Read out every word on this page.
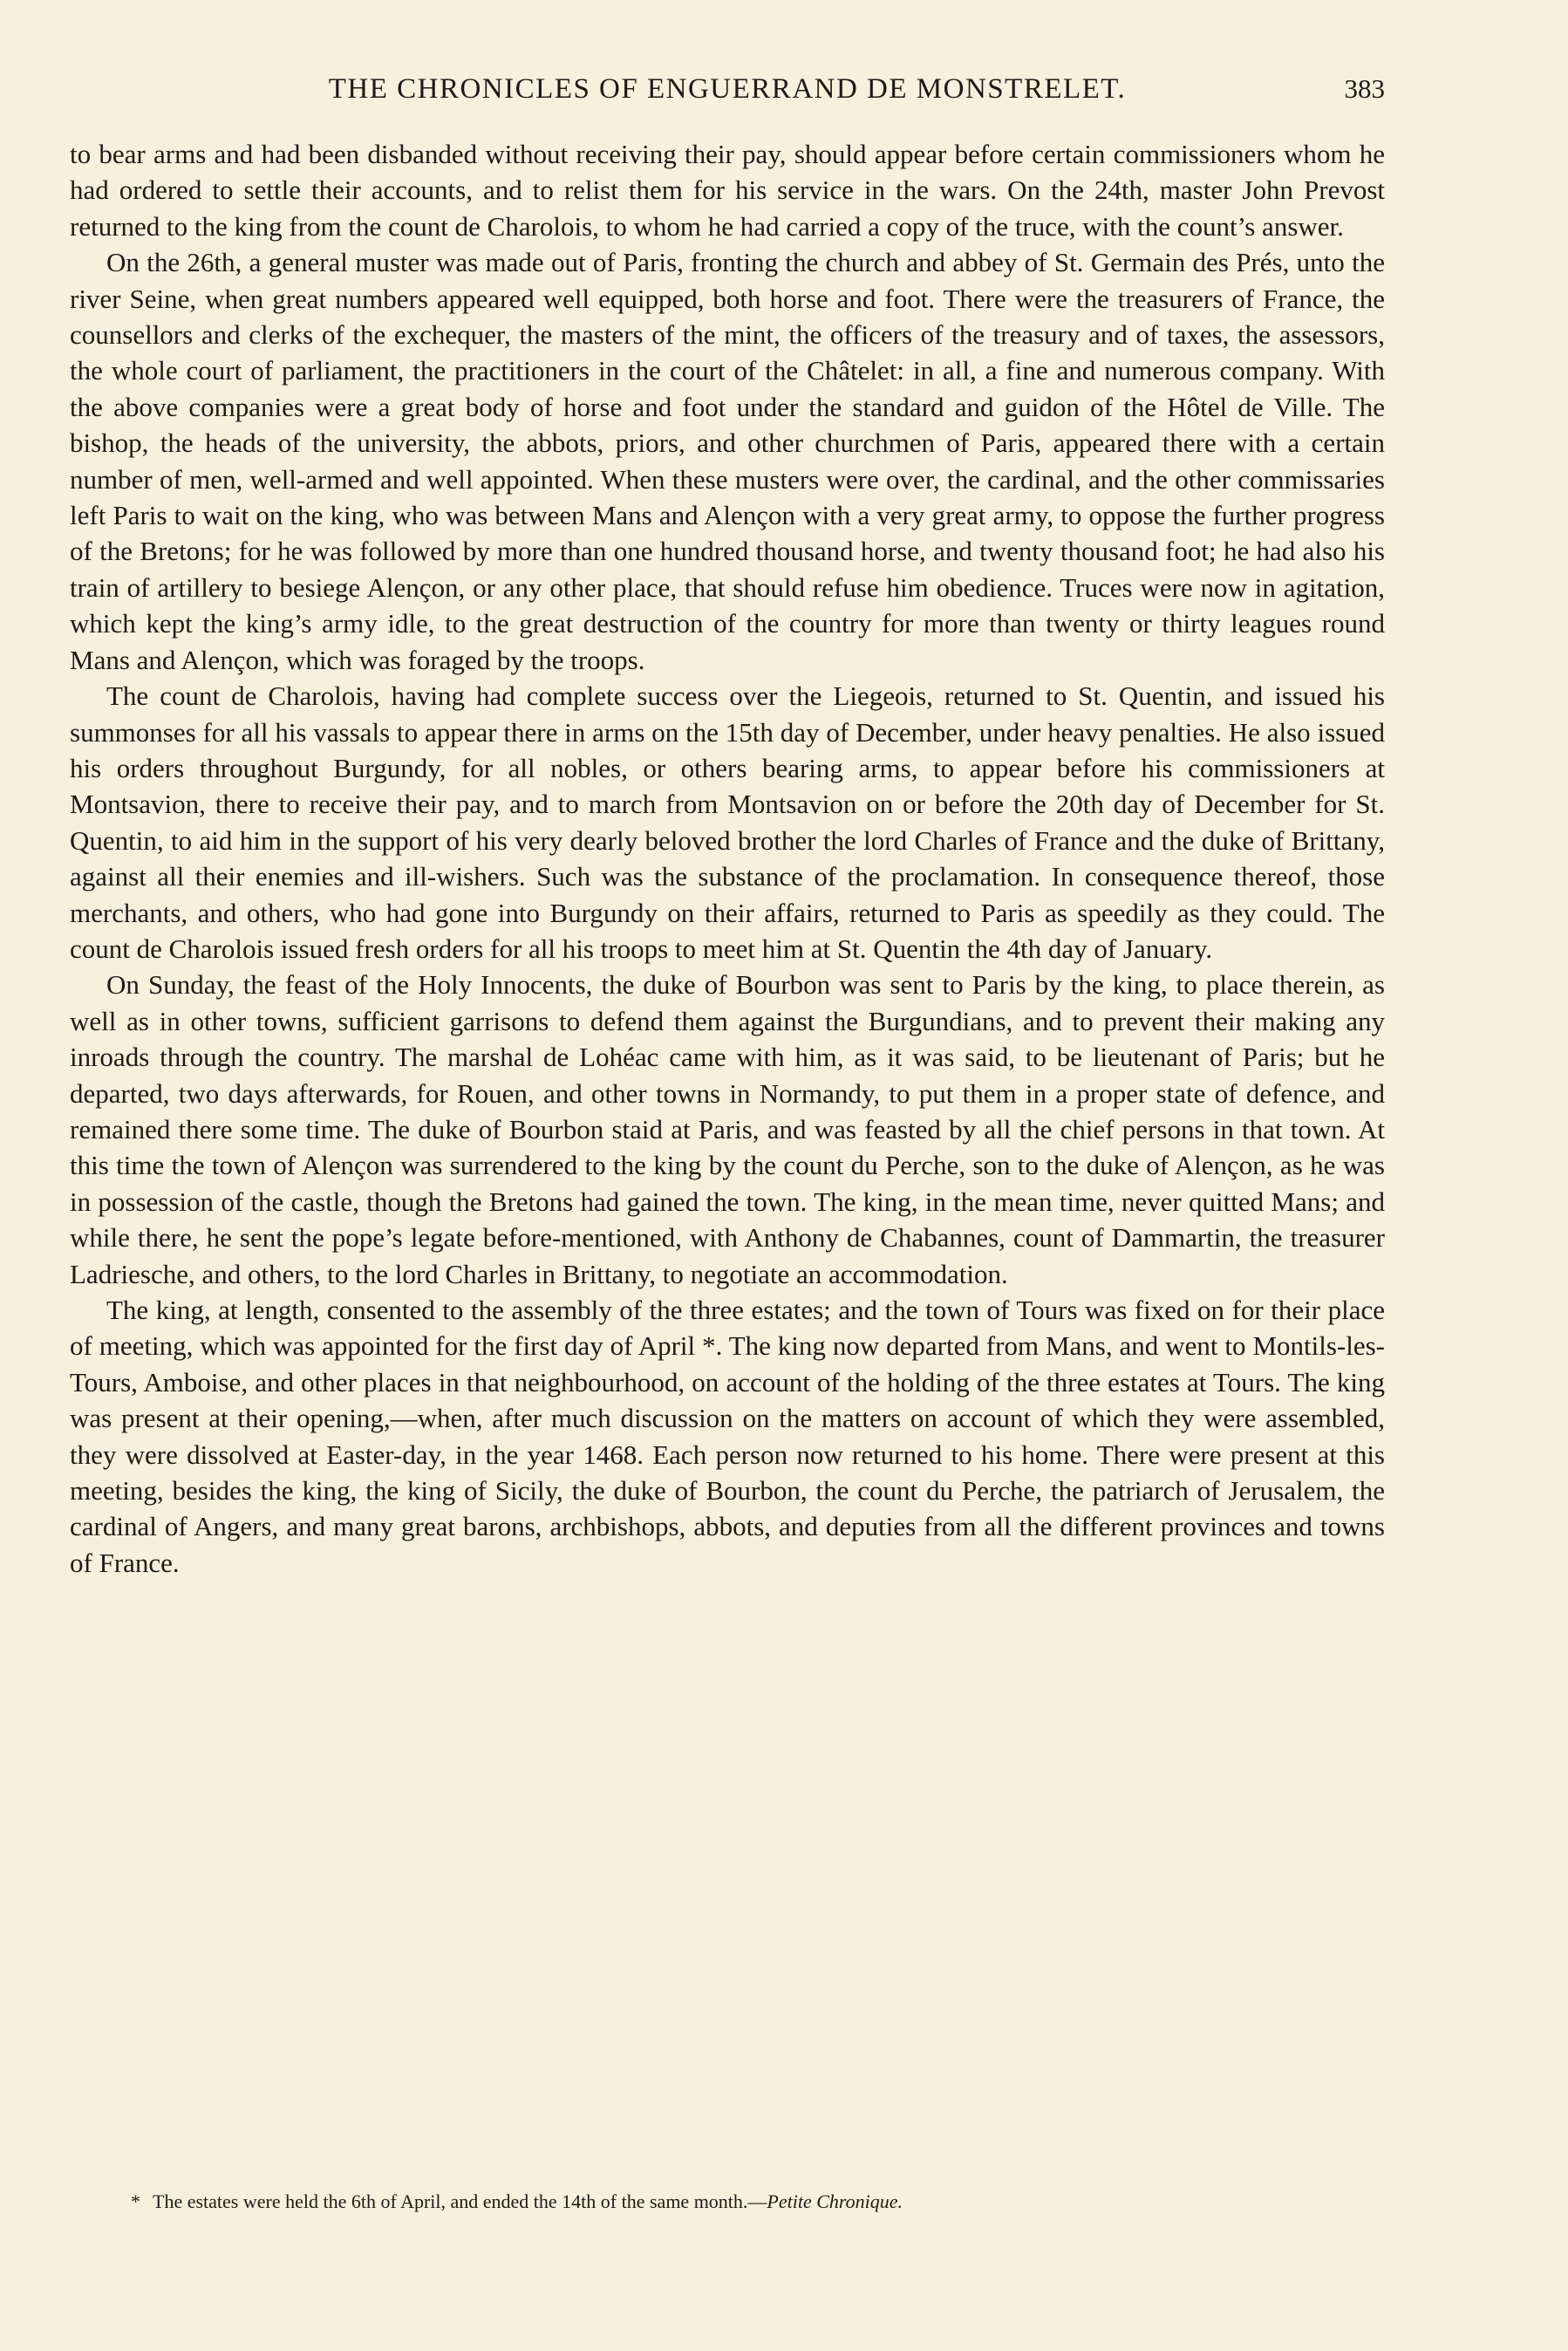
THE CHRONICLES OF ENGUERRAND DE MONSTRELET.	383

to bear arms and had been disbanded without receiving their pay, should appear before certain commissioners whom he had ordered to settle their accounts, and to relist them for his service in the wars. On the 24th, master John Prevost returned to the king from the count de Charolois, to whom he had carried a copy of the truce, with the count’s answer.

On the 26th, a general muster was made out of Paris, fronting the church and abbey of St. Germain des Prés, unto the river Seine, when great numbers appeared well equipped, both horse and foot. There were the treasurers of France, the counsellors and clerks of the exchequer, the masters of the mint, the officers of the treasury and of taxes, the assessors, the whole court of parliament, the practitioners in the court of the Châtelet: in all, a fine and numerous company. With the above companies were a great body of horse and foot under the standard and guidon of the Hôtel de Ville. The bishop, the heads of the university, the abbots, priors, and other churchmen of Paris, appeared there with a certain number of men, well-armed and well appointed. When these musters were over, the cardinal, and the other commissaries left Paris to wait on the king, who was between Mans and Alençon with a very great army, to oppose the further progress of the Bretons; for he was followed by more than one hundred thousand horse, and twenty thousand foot; he had also his train of artillery to besiege Alençon, or any other place, that should refuse him obedience. Truces were now in agitation, which kept the king’s army idle, to the great destruction of the country for more than twenty or thirty leagues round Mans and Alençon, which was foraged by the troops.

The count de Charolois, having had complete success over the Liegeois, returned to St. Quentin, and issued his summonses for all his vassals to appear there in arms on the 15th day of December, under heavy penalties. He also issued his orders throughout Burgundy, for all nobles, or others bearing arms, to appear before his commissioners at Montsavion, there to receive their pay, and to march from Montsavion on or before the 20th day of December for St. Quentin, to aid him in the support of his very dearly beloved brother the lord Charles of France and the duke of Brittany, against all their enemies and ill-wishers. Such was the substance of the proclamation. In consequence thereof, those merchants, and others, who had gone into Burgundy on their affairs, returned to Paris as speedily as they could. The count de Charolois issued fresh orders for all his troops to meet him at St. Quentin the 4th day of January.

On Sunday, the feast of the Holy Innocents, the duke of Bourbon was sent to Paris by the king, to place therein, as well as in other towns, sufficient garrisons to defend them against the Burgundians, and to prevent their making any inroads through the country. The marshal de Lohéac came with him, as it was said, to be lieutenant of Paris; but he departed, two days afterwards, for Rouen, and other towns in Normandy, to put them in a proper state of defence, and remained there some time. The duke of Bourbon staid at Paris, and was feasted by all the chief persons in that town. At this time the town of Alençon was surrendered to the king by the count du Perche, son to the duke of Alençon, as he was in possession of the castle, though the Bretons had gained the town. The king, in the mean time, never quitted Mans; and while there, he sent the pope’s legate before-mentioned, with Anthony de Chabannes, count of Dammartin, the treasurer Ladriesche, and others, to the lord Charles in Brittany, to negotiate an accommodation.

The king, at length, consented to the assembly of the three estates; and the town of Tours was fixed on for their place of meeting, which was appointed for the first day of April *. The king now departed from Mans, and went to Montils-les-Tours, Amboise, and other places in that neighbourhood, on account of the holding of the three estates at Tours. The king was present at their opening,—when, after much discussion on the matters on account of which they were assembled, they were dissolved at Easter-day, in the year 1468. Each person now returned to his home. There were present at this meeting, besides the king, the king of Sicily, the duke of Bourbon, the count du Perche, the patriarch of Jerusalem, the cardinal of Angers, and many great barons, archbishops, abbots, and deputies from all the different provinces and towns of France.

* The estates were held the 6th of April, and ended the 14th of the same month.—Petite Chronique.
